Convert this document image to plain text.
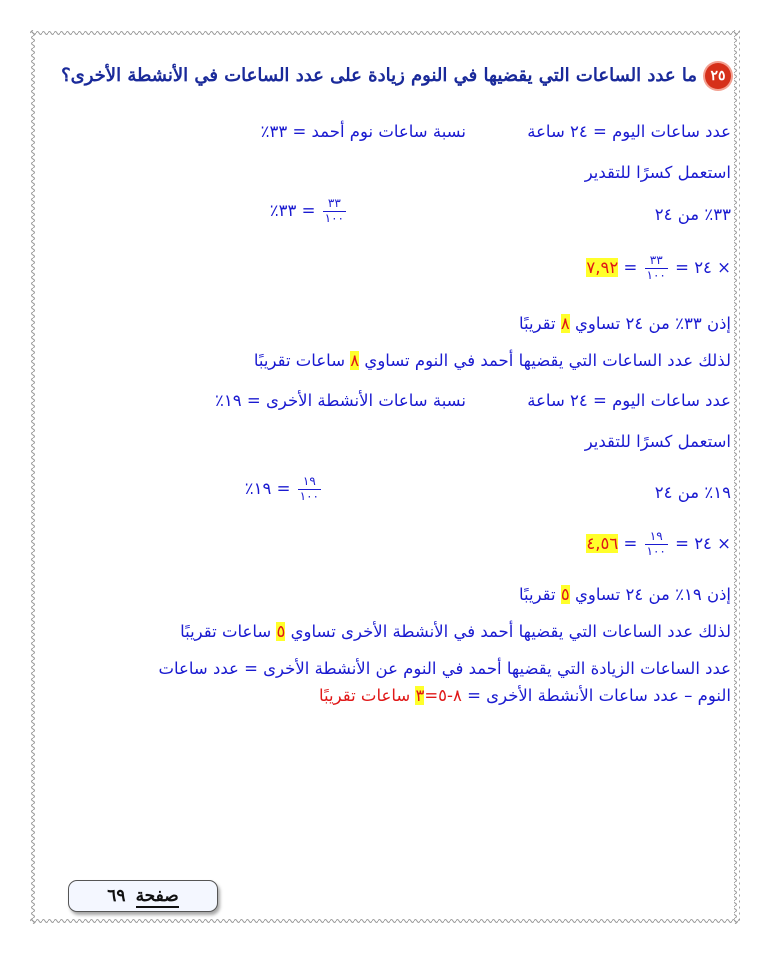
٢٥ما عدد الساعات التي يقضيها في النوم زيادة على عدد الساعات في الأنشطة الأخرى؟
عدد ساعات اليوم = ٢٤ ساعة
نسبة ساعات نوم أحمد = ٣٣٪
استعمل كسرًا للتقدير
٣٣٪ من ٢٤
$\frac{٣٣}{١٠٠}$
= ٣٣٪
× ٢٤ =
$\frac{٣٣}{١٠٠}$
= ٧,٩٢
إذن ٣٣٪ من ٢٤ تساوي ٨ تقريبًا
لذلك عدد الساعات التي يقضيها أحمد في النوم تساوي ٨ ساعات تقريبًا
عدد ساعات اليوم = ٢٤ ساعة
نسبة ساعات الأنشطة الأخرى = ١٩٪
استعمل كسرًا للتقدير
١٩٪ من ٢٤
$\frac{١٩}{١٠٠}$
= ١٩٪
× ٢٤ =
$\frac{١٩}{١٠٠}$
= ٤,٥٦
إذن ١٩٪ من ٢٤ تساوي ٥ تقريبًا
لذلك عدد الساعات التي يقضيها أحمد في الأنشطة الأخرى تساوي ٥ ساعات تقريبًا
عدد الساعات الزيادة التي يقضيها أحمد في النوم عن الأنشطة الأخرى = عدد ساعات
النوم – عدد ساعات الأنشطة الأخرى = ٨-٥=٣ ساعات تقريبًا
صفحة٦٩
